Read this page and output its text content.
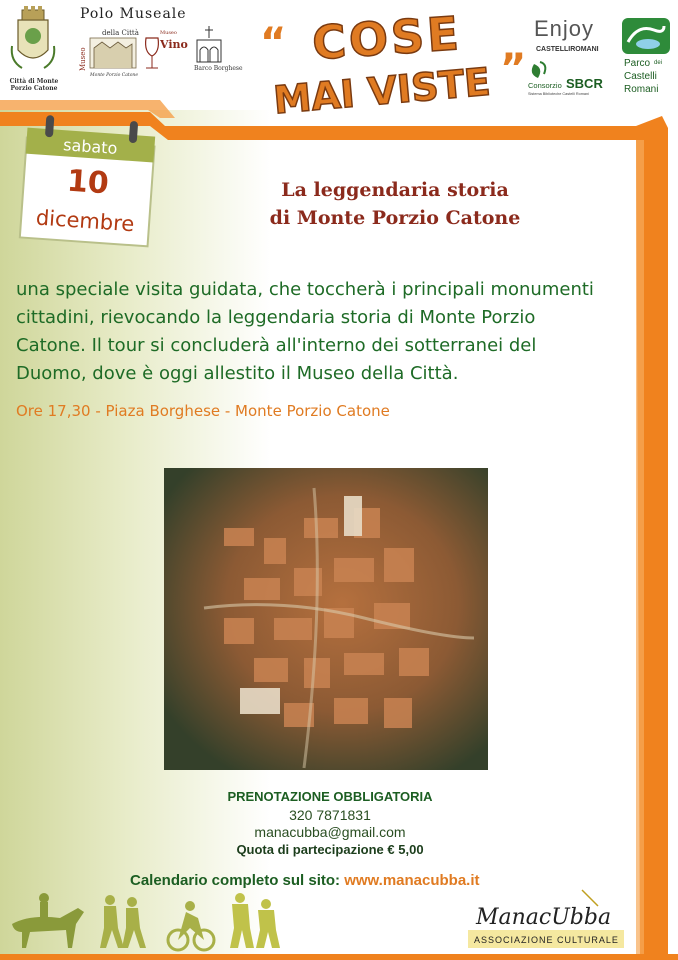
Città di Monte Porzio Catone
Polo Museale
Museo
della Città
Monte Porzio Catone
Museo
Vino
Barco Borghese COSE
MAI VISTE
“
”
Enjoy
CASTELLIROMANI
Consorzio SBCR
Sistema Biblioteche Castelli Romani
Parco dei
Castelli
Romani
sabato
10
dicembre
La leggendaria storia
di Monte Porzio Catone
una speciale visita guidata, che toccherà i principali monumenti
cittadini, rievocando la leggendaria storia di Monte Porzio
Catone. Il tour si concluderà all'interno dei sotterranei del
Duomo, dove è oggi allestito il Museo della Città.
Ore 17,30 - Piaza Borghese - Monte Porzio Catone
PRENOTAZIONE OBBLIGATORIA
320 7871831
manacubba@gmail.com
Quota di partecipazione € 5,00
Calendario completo sul sito: www.manacubba.it
ManacUbba
ASSOCIAZIONE CULTURALE
